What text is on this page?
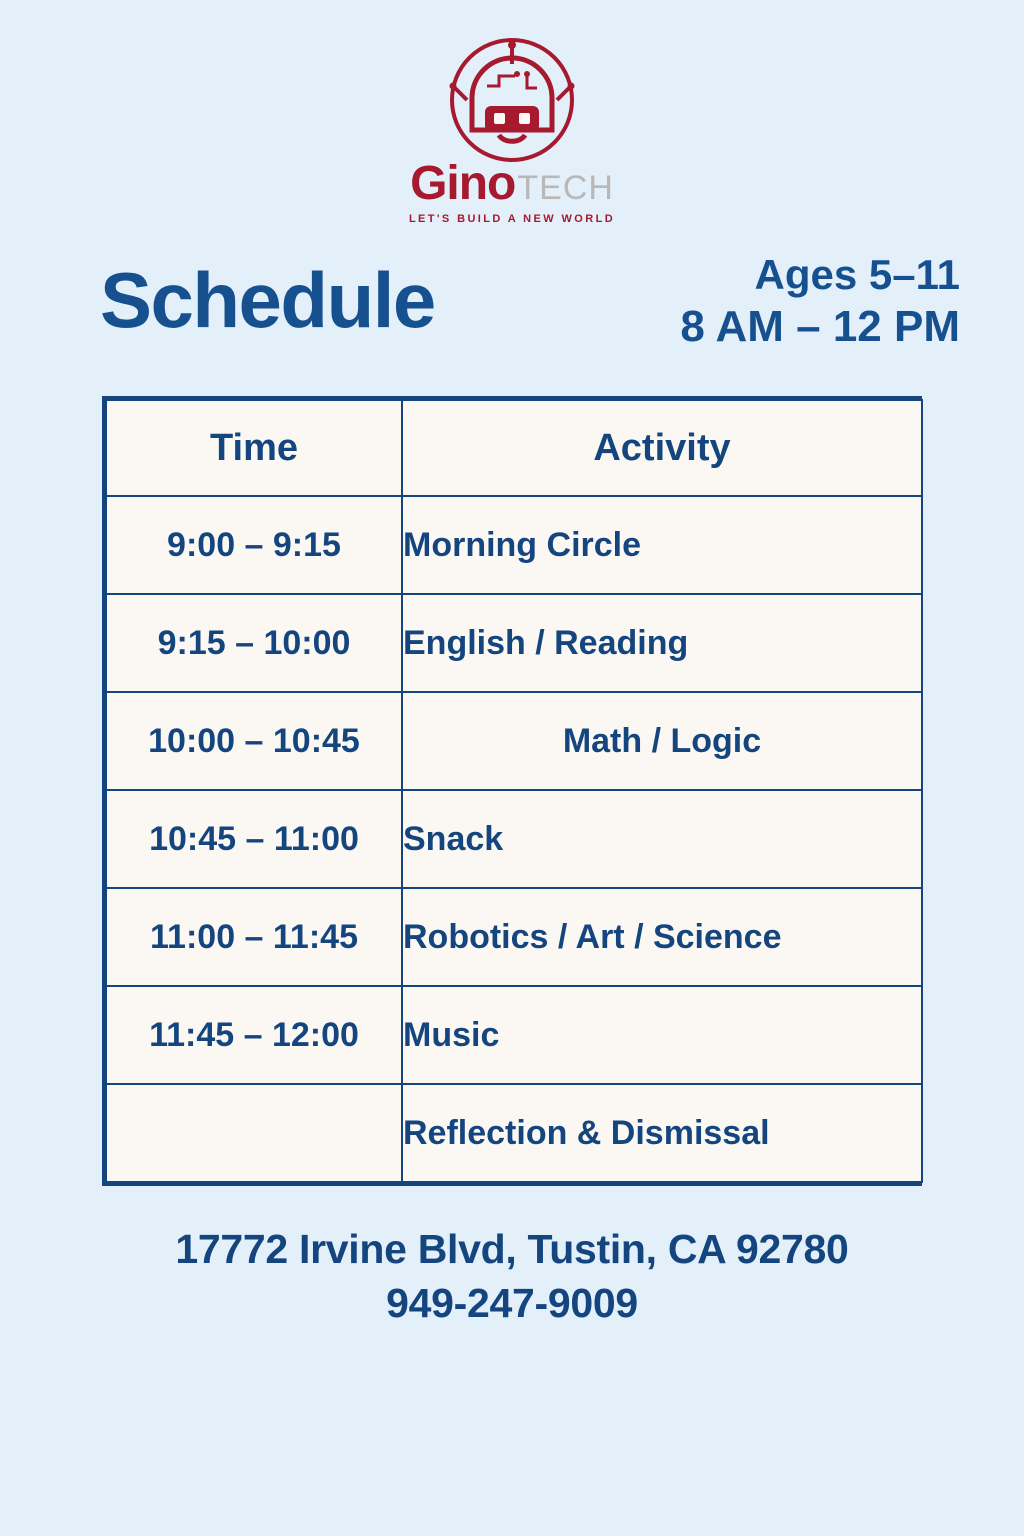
Gino TECH
LET'S BUILD A NEW WORLD
Schedule	Ages 5–11
8 AM – 12 PM
Time	Activity
9:00 – 9:15	Morning Circle
9:15 – 10:00	English / Reading
10:00 – 10:45	Math / Logic
10:45 – 11:00	Snack
11:00 – 11:45	Robotics / Art / Science
11:45 – 12:00	Music
	Reflection & Dismissal
17772 Irvine Blvd, Tustin, CA 92780
949-247-9009
